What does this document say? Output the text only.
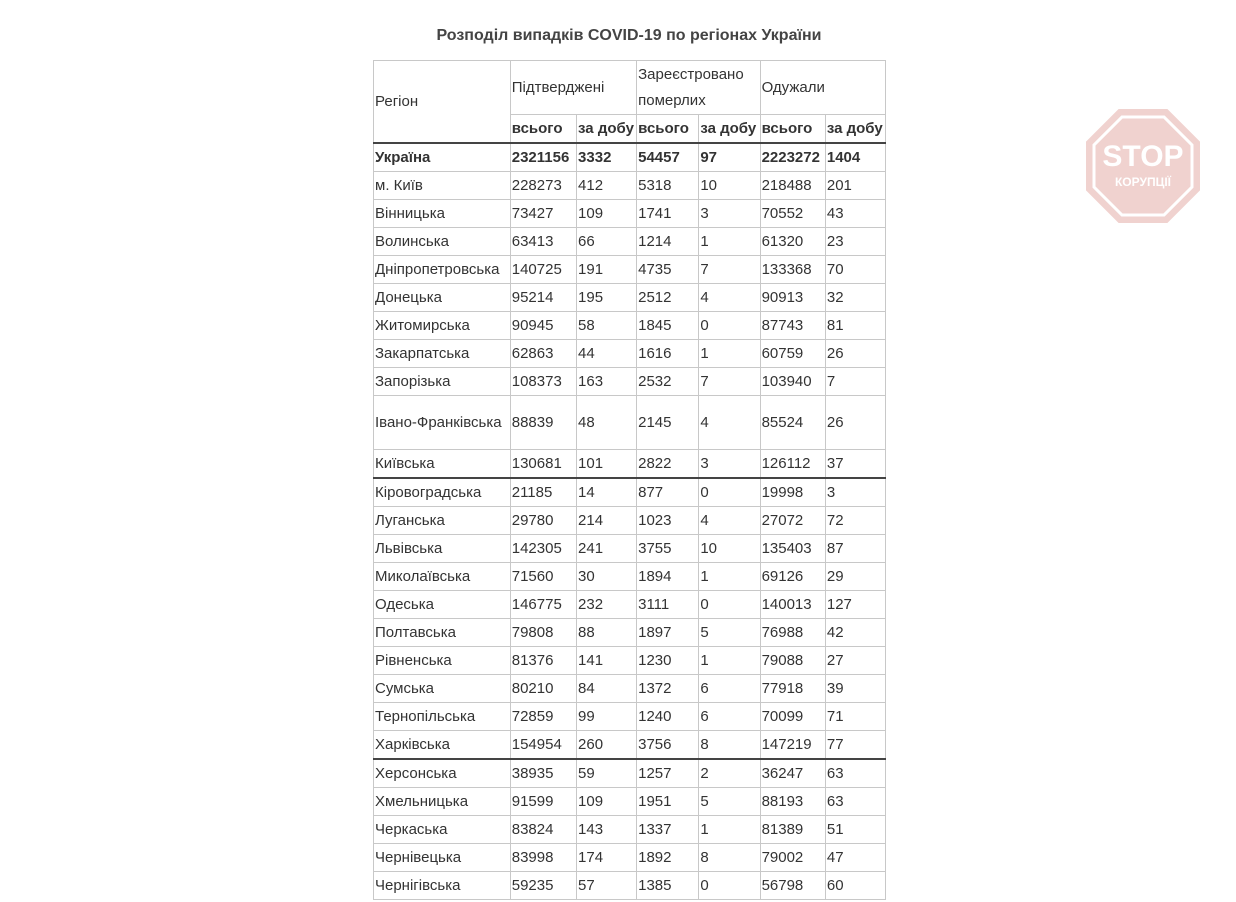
Розподіл випадків COVID-19 по регіонах України
Регіон	Підтверджені		Зареєстровано померлих		Одужали	
	всього	за добу	всього	за добу	всього	за добу
Україна	2321156	3332	54457	97	2223272	1404
м. Київ	228273	412	5318	10	218488	201
Вінницька	73427	109	1741	3	70552	43
Волинська	63413	66	1214	1	61320	23
Дніпропетровська	140725	191	4735	7	133368	70
Донецька	95214	195	2512	4	90913	32
Житомирська	90945	58	1845	0	87743	81
Закарпатська	62863	44	1616	1	60759	26
Запорізька	108373	163	2532	7	103940	7
Івано-Франківська	88839	48	2145	4	85524	26
Київська	130681	101	2822	3	126112	37
Кіровоградська	21185	14	877	0	19998	3
Луганська	29780	214	1023	4	27072	72
Львівська	142305	241	3755	10	135403	87
Миколаївська	71560	30	1894	1	69126	29
Одеська	146775	232	3111	0	140013	127
Полтавська	79808	88	1897	5	76988	42
Рівненська	81376	141	1230	1	79088	27
Сумська	80210	84	1372	6	77918	39
Тернопільська	72859	99	1240	6	70099	71
Харківська	154954	260	3756	8	147219	77
Херсонська	38935	59	1257	2	36247	63
Хмельницька	91599	109	1951	5	88193	63
Черкаська	83824	143	1337	1	81389	51
Чернівецька	83998	174	1892	8	79002	47
Чернігівська	59235	57	1385	0	56798	60
STOP
КОРУПЦІЇ
